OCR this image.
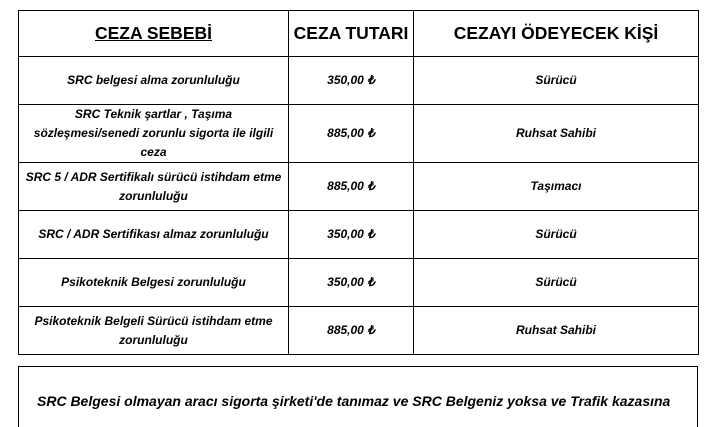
CEZA SEBEBİ	CEZA TUTARI	CEZAYI ÖDEYECEK KİŞİ
SRC belgesi alma zorunluluğu	350,00 ₺	Sürücü
SRC Teknik şartlar , Taşıma sözleşmesi/senedi zorunlu sigorta ile ilgili ceza	885,00 ₺	Ruhsat Sahibi
SRC 5 / ADR Sertifikalı sürücü istihdam etme zorunluluğu	885,00 ₺	Taşımacı
SRC / ADR Sertifikası almaz zorunluluğu	350,00 ₺	Sürücü
Psikoteknik Belgesi zorunluluğu	350,00 ₺	Sürücü
Psikoteknik Belgeli Sürücü istihdam etme zorunluluğu	885,00 ₺	Ruhsat Sahibi
SRC Belgesi olmayan aracı sigorta şirketi'de tanımaz ve SRC Belgeniz yoksa ve Trafik kazasına
